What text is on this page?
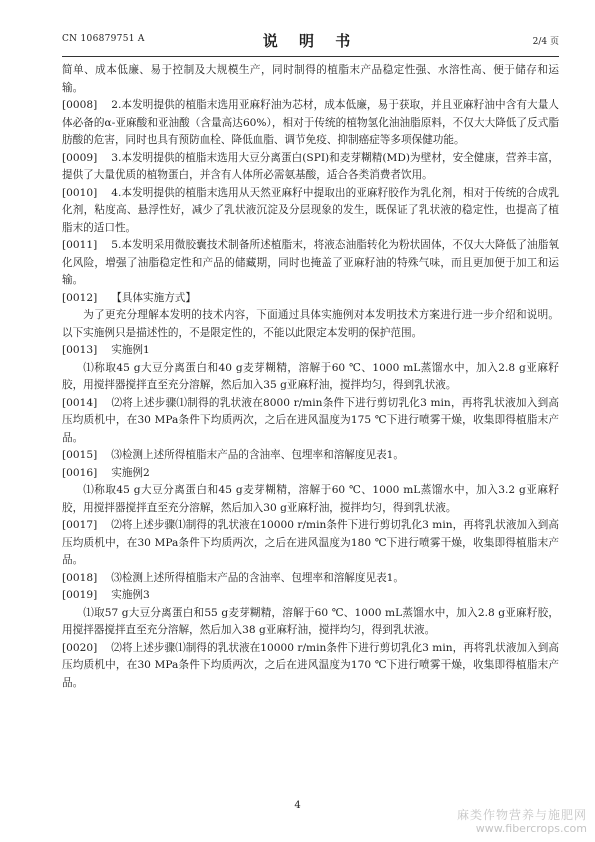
CN 106879751 A	说 明 书	2/4 页

简单、成本低廉、易于控制及大规模生产，同时制得的植脂末产品稳定性强、水溶性高、便于储存和运输。

[0008] 2.本发明提供的植脂末选用亚麻籽油为芯材，成本低廉，易于获取，并且亚麻籽油中含有大量人体必备的α-亚麻酸和亚油酸（含量高达60%），相对于传统的植物氢化油油脂原料，不仅大大降低了反式脂肪酸的危害，同时也具有预防血栓、降低血脂、调节免疫、抑制癌症等多项保健功能。

[0009] 3.本发明提供的植脂末选用大豆分离蛋白(SPI)和麦芽糊精(MD)为壁材，安全健康，营养丰富，提供了大量优质的植物蛋白，并含有人体所必需氨基酸，适合各类消费者饮用。

[0010] 4.本发明提供的植脂末选用从天然亚麻籽中提取出的亚麻籽胶作为乳化剂，相对于传统的合成乳化剂，粘度高、悬浮性好，减少了乳状液沉淀及分层现象的发生，既保证了乳状液的稳定性，也提高了植脂末的适口性。

[0011] 5.本发明采用微胶囊技术制备所述植脂末，将液态油脂转化为粉状固体，不仅大大降低了油脂氧化风险，增强了油脂稳定性和产品的储藏期，同时也掩盖了亚麻籽油的特殊气味，而且更加便于加工和运输。

[0012] 【具体实施方式】

为了更充分理解本发明的技术内容，下面通过具体实施例对本发明技术方案进行进一步介绍和说明。以下实施例只是描述性的，不是限定性的，不能以此限定本发明的保护范围。

[0013] 实施例1

⑴称取45 g大豆分离蛋白和40 g麦芽糊精，溶解于60 ℃、1000 mL蒸馏水中，加入2.8 g亚麻籽胶，用搅拌器搅拌直至充分溶解，然后加入35 g亚麻籽油，搅拌均匀，得到乳状液。

[0014] ⑵将上述步骤⑴制得的乳状液在8000 r/min条件下进行剪切乳化3 min，再将乳状液加入到高压均质机中，在30 MPa条件下均质两次，之后在进风温度为175 ℃下进行喷雾干燥，收集即得植脂末产品。

[0015] ⑶检测上述所得植脂末产品的含油率、包埋率和溶解度见表1。

[0016] 实施例2

⑴称取45 g大豆分离蛋白和45 g麦芽糊精，溶解于60 ℃、1000 mL蒸馏水中，加入3.2 g亚麻籽胶，用搅拌器搅拌直至充分溶解，然后加入30 g亚麻籽油，搅拌均匀，得到乳状液。

[0017] ⑵将上述步骤⑴制得的乳状液在10000 r/min条件下进行剪切乳化3 min，再将乳状液加入到高压均质机中，在30 MPa条件下均质两次，之后在进风温度为180 ℃下进行喷雾干燥，收集即得植脂末产品。

[0018] ⑶检测上述所得植脂末产品的含油率、包埋率和溶解度见表1。

[0019] 实施例3

⑴取57 g大豆分离蛋白和55 g麦芽糊精，溶解于60 ℃、1000 mL蒸馏水中，加入2.8 g亚麻籽胶，用搅拌器搅拌直至充分溶解，然后加入38 g亚麻籽油，搅拌均匀，得到乳状液。

[0020] ⑵将上述步骤⑴制得的乳状液在10000 r/min条件下进行剪切乳化3 min，再将乳状液加入到高压均质机中，在30 MPa条件下均质两次，之后在进风温度为170 ℃下进行喷雾干燥，收集即得植脂末产品。

4
麻类作物营养与施肥网
www.fibercrops.com
